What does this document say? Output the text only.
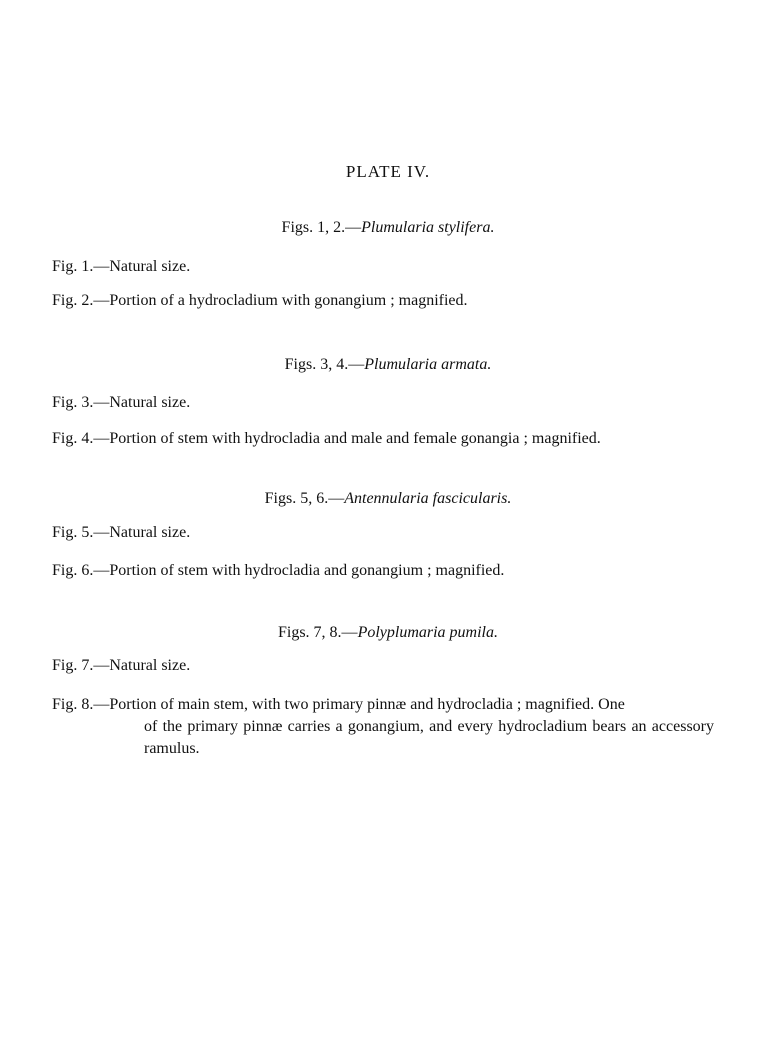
PLATE IV.
Figs. 1, 2.—Plumularia stylifera.
Fig. 1.—Natural size.
Fig. 2.—Portion of a hydrocladium with gonangium ; magnified.
Figs. 3, 4.—Plumularia armata.
Fig. 3.—Natural size.
Fig. 4.—Portion of stem with hydrocladia and male and female gonangia ; magnified.
Figs. 5, 6.—Antennularia fascicularis.
Fig. 5.—Natural size.
Fig. 6.—Portion of stem with hydrocladia and gonangium ; magnified.
Figs. 7, 8.—Polyplumaria pumila.
Fig. 7.—Natural size.
Fig. 8.—Portion of main stem, with two primary pinnæ and hydrocladia ; magnified. One
of the primary pinnæ carries a gonangium, and every hydrocladium bears an accessory ramulus.
